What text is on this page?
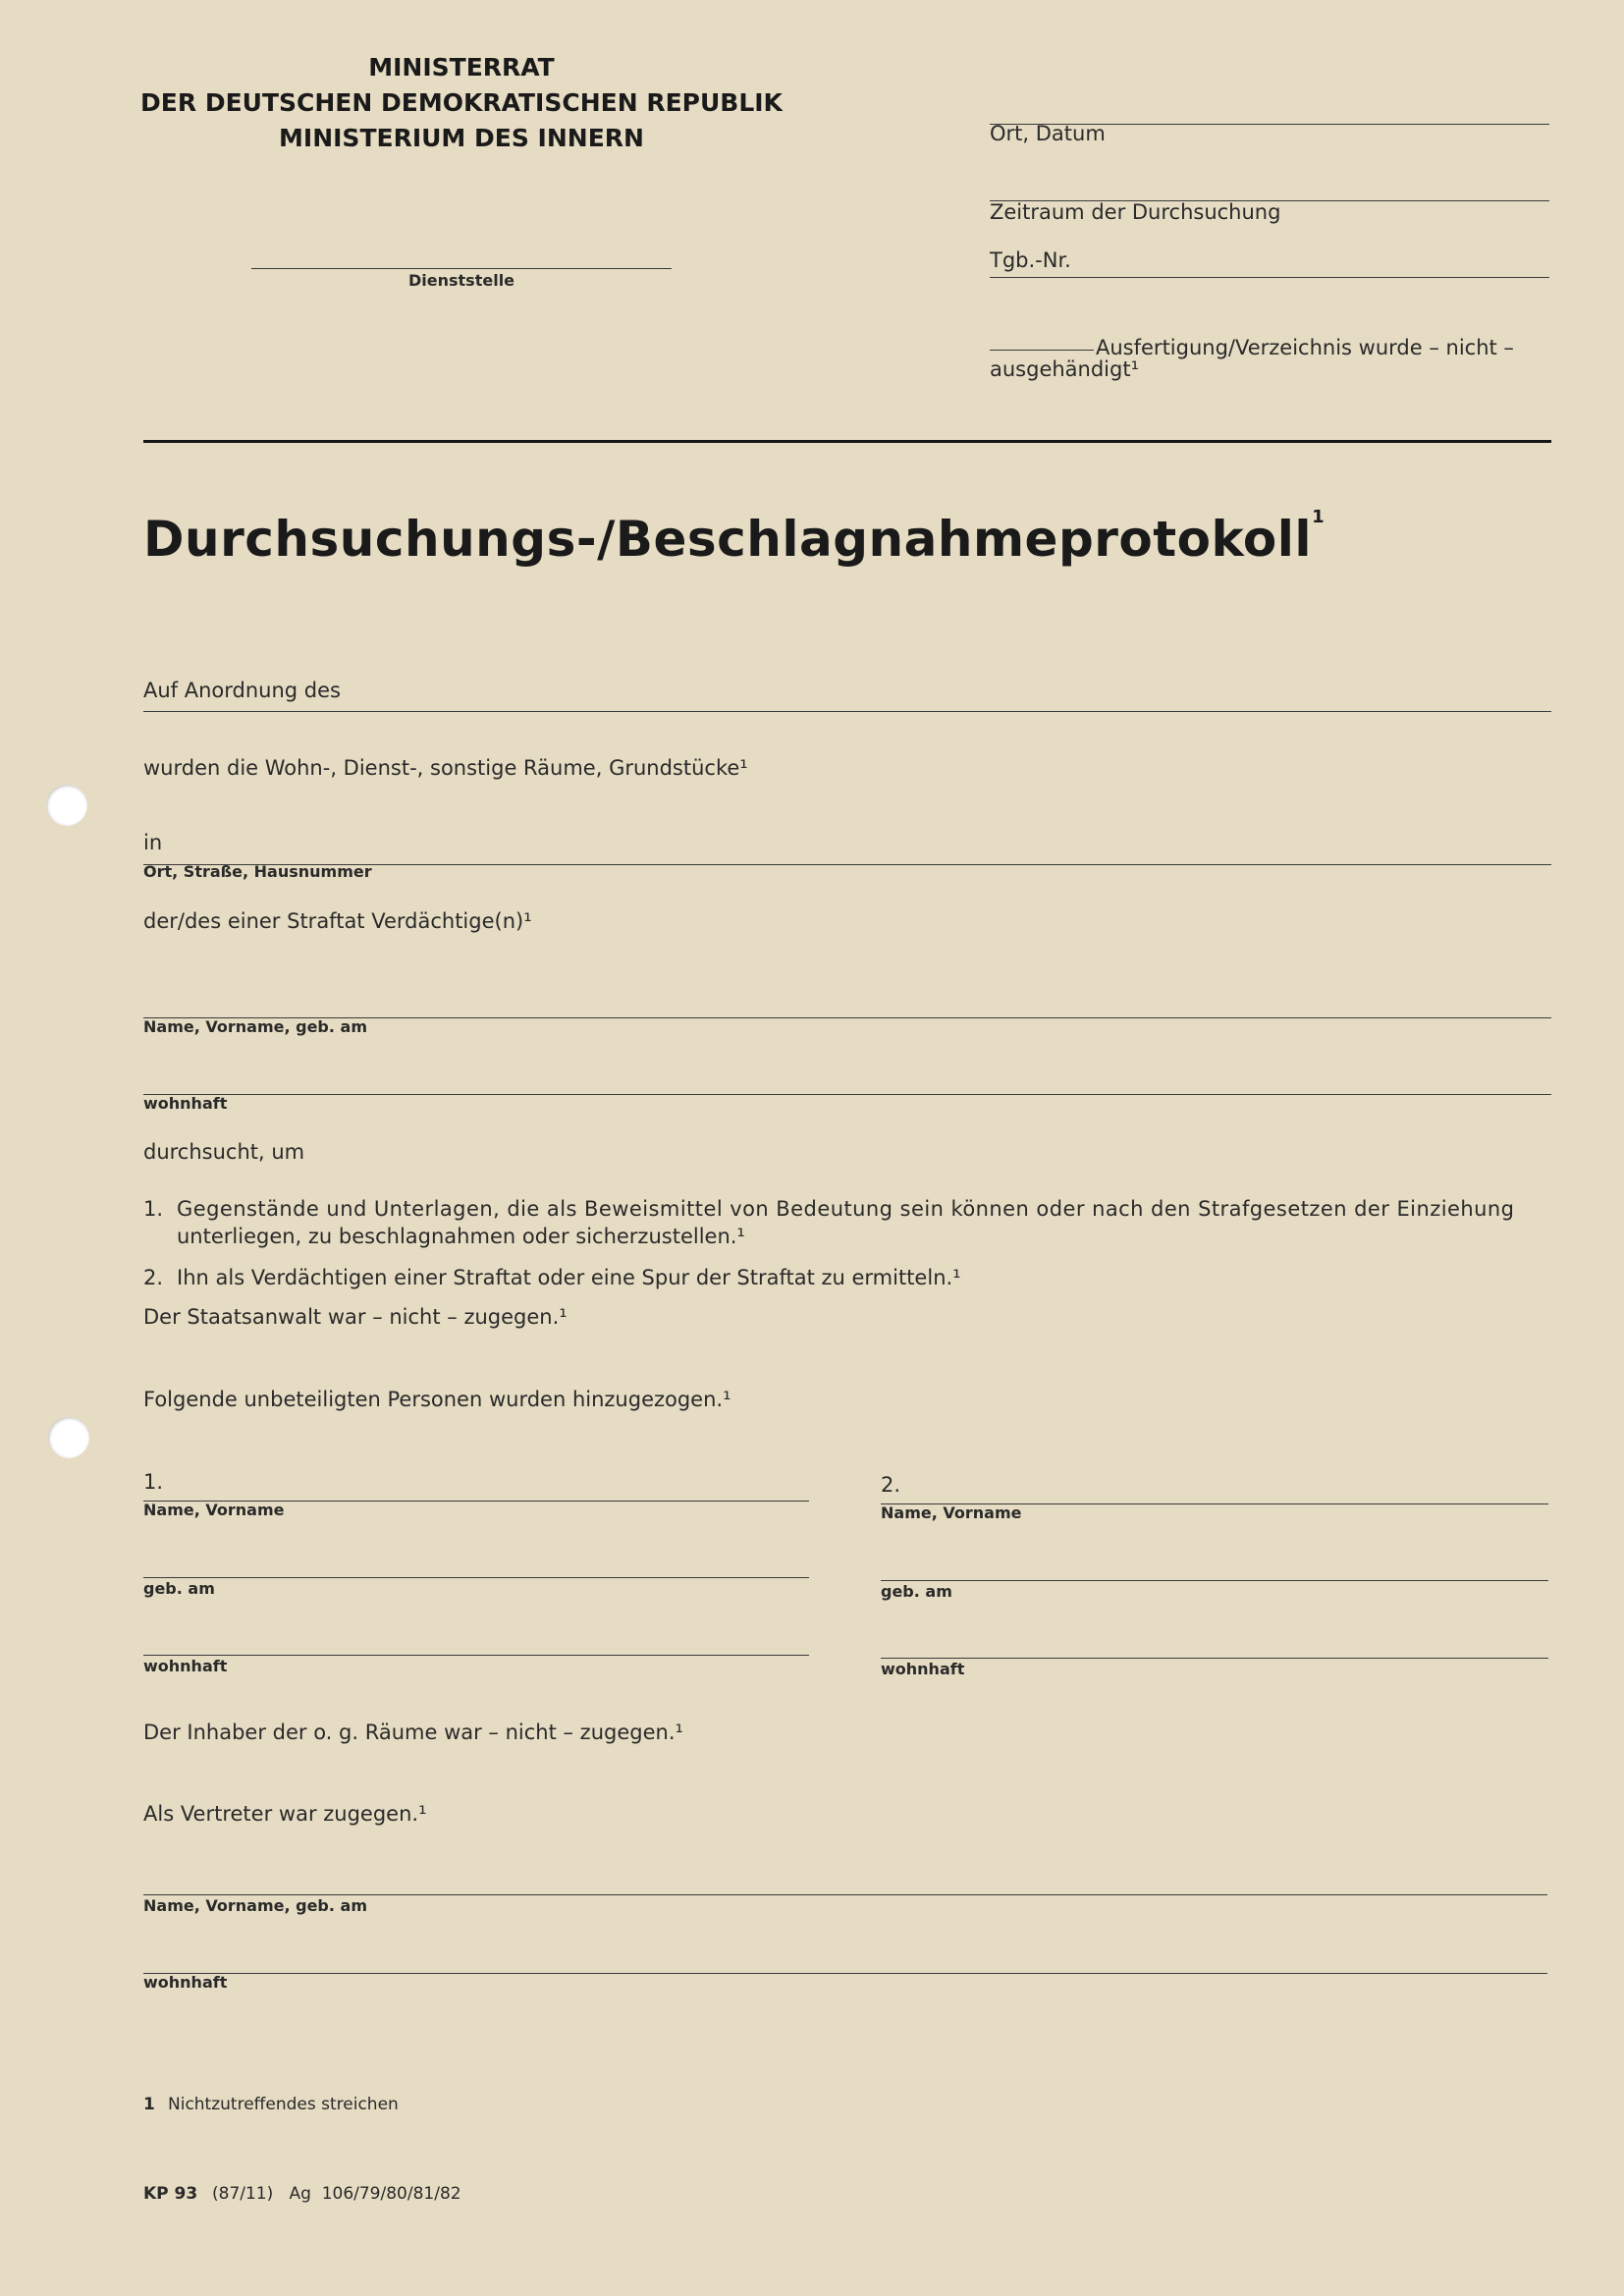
MINISTERRAT
DER DEUTSCHEN DEMOKRATISCHEN REPUBLIK
MINISTERIUM DES INNERN
Dienststelle
Ort, Datum
Zeitraum der Durchsuchung
Tgb.-Nr.
Ausfertigung/Verzeichnis wurde – nicht –
ausgehändigt¹
Durchsuchungs-/Beschlagnahmeprotokoll$^1$
Auf Anordnung des
wurden die Wohn-, Dienst-, sonstige Räume, Grundstücke¹
in
Ort, Straße, Hausnummer
der/des einer Straftat Verdächtige(n)¹
Name, Vorname, geb. am
wohnhaft
durchsucht, um
1. Gegenstände und Unterlagen, die als Beweismittel von Bedeutung sein können oder nach den Strafgesetzen der Einziehung
unterliegen, zu beschlagnahmen oder sicherzustellen.¹
2. Ihn als Verdächtigen einer Straftat oder eine Spur der Straftat zu ermitteln.¹
Der Staatsanwalt war – nicht – zugegen.¹
Folgende unbeteiligten Personen wurden hinzugezogen.¹
1.
Name, Vorname
2.
Name, Vorname
geb. am	geb. am
wohnhaft	wohnhaft
Der Inhaber der o. g. Räume war – nicht – zugegen.¹
Als Vertreter war zugegen.¹
Name, Vorname, geb. am
wohnhaft
1 Nichtzutreffendes streichen
KP 93 (87/11)   Ag  106/79/80/81/82
